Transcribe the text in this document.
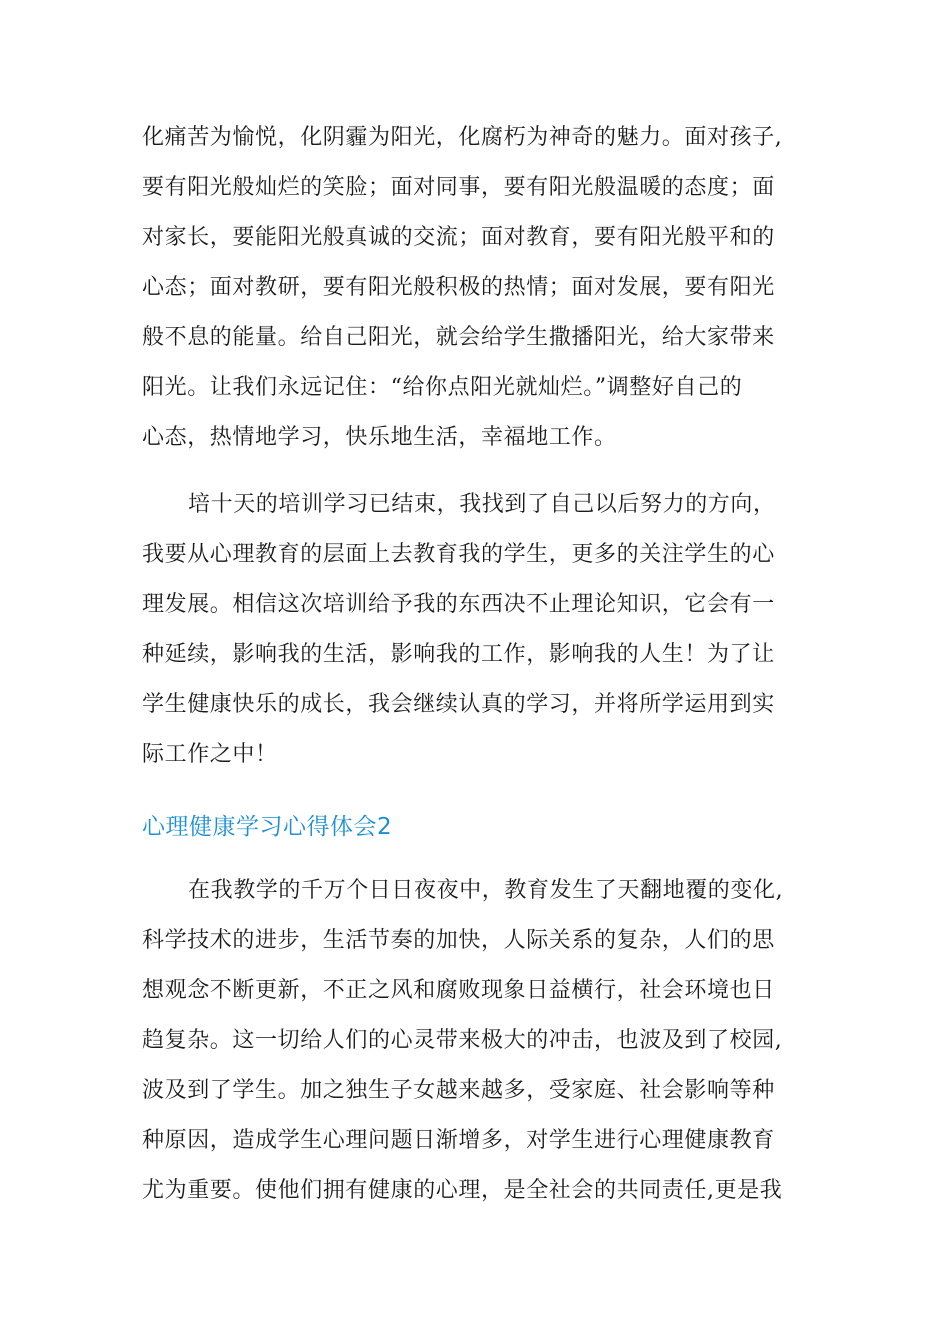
化痛苦为愉悦，化阴霾为阳光，化腐朽为神奇的魅力。面对孩子,
要有阳光般灿烂的笑脸；面对同事，要有阳光般温暖的态度；面
对家长，要能阳光般真诚的交流；面对教育，要有阳光般平和的
心态；面对教研，要有阳光般积极的热情；面对发展，要有阳光
般不息的能量。给自己阳光，就会给学生撒播阳光，给大家带来
阳光。让我们永远记住：“给你点阳光就灿烂。”调整好自己的
心态，热情地学习，快乐地生活，幸福地工作。
培十天的培训学习已结束，我找到了自己以后努力的方向，
我要从心理教育的层面上去教育我的学生，更多的关注学生的心
理发展。相信这次培训给予我的东西决不止理论知识，它会有一
种延续，影响我的生活，影响我的工作，影响我的人生！为了让
学生健康快乐的成长，我会继续认真的学习，并将所学运用到实
际工作之中！
心理健康学习心得体会2
在我教学的千万个日日夜夜中，教育发生了天翻地覆的变化,
科学技术的进步，生活节奏的加快，人际关系的复杂，人们的思
想观念不断更新，不正之风和腐败现象日益横行，社会环境也日
趋复杂。这一切给人们的心灵带来极大的冲击，也波及到了校园,
波及到了学生。加之独生子女越来越多，受家庭、社会影响等种
种原因，造成学生心理问题日渐增多，对学生进行心理健康教育
尤为重要。使他们拥有健康的心理，是全社会的共同责任,更是我
